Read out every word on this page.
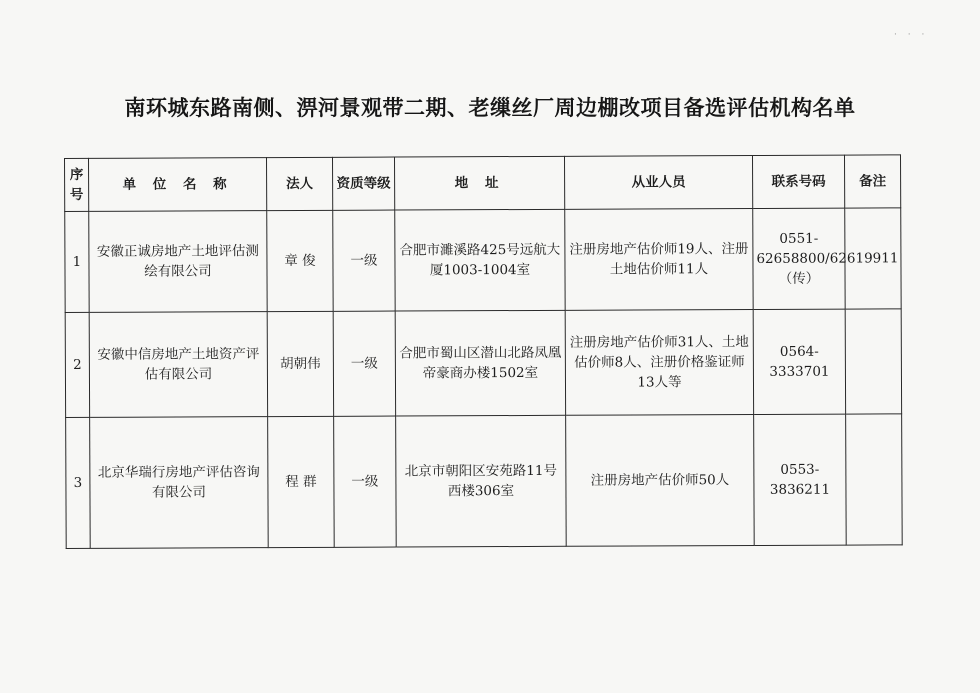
· · ·
南环城东路南侧、淠河景观带二期、老缫丝厂周边棚改项目备选评估机构名单
序号	单 位 名 称	法人	资质等级	地 址	从业人员	联系号码	备注
1	安徽正诚房地产土地评估测绘有限公司	章 俊	一级	合肥市濉溪路425号远航大厦1003-1004室	注册房地产估价师19人、注册土地估价师11人	0551-62658800/62619911（传）	
2	安徽中信房地产土地资产评估有限公司	胡朝伟	一级	合肥市蜀山区潜山北路凤凰帝豪商办楼1502室	注册房地产估价师31人、土地估价师8人、注册价格鉴证师13人等	0564-3333701	
3	北京华瑞行房地产评估咨询有限公司	程 群	一级	北京市朝阳区安苑路11号西楼306室	注册房地产估价师50人	0553-3836211	
